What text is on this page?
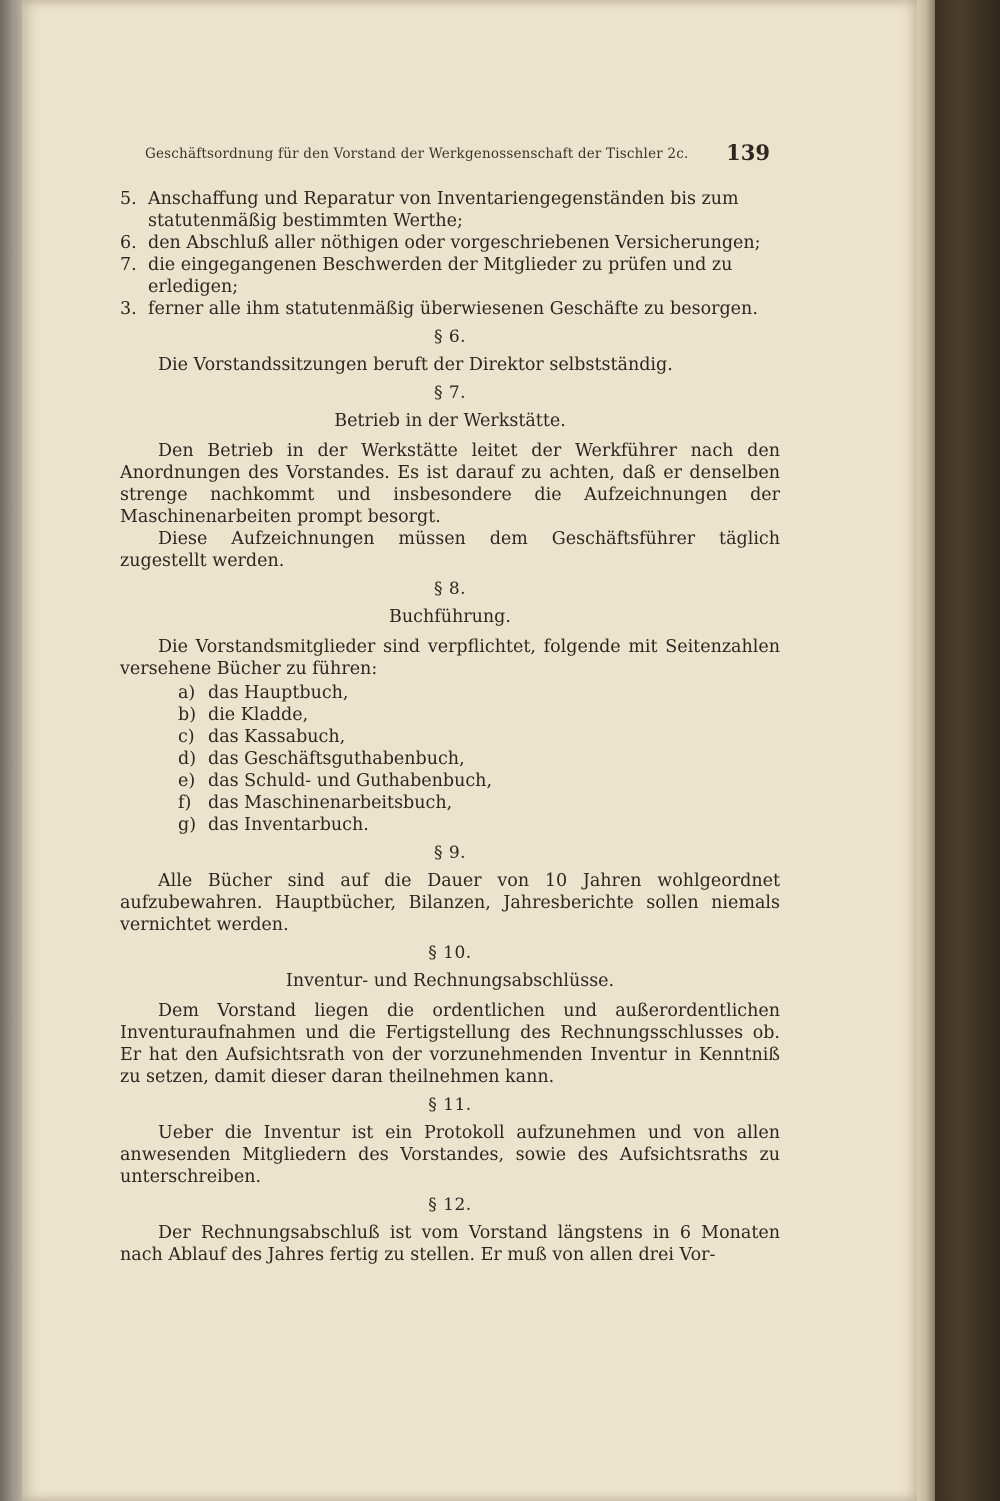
Geschäftsordnung für den Vorstand der Werkgenossenschaft der Tischler 2c. 139
5. Anschaffung und Reparatur von Inventariengegenständen bis zum
statutenmäßig bestimmten Werthe;
6. den Abschluß aller nöthigen oder vorgeschriebenen Versicherungen;
7. die eingegangenen Beschwerden der Mitglieder zu prüfen und zu
erledigen;
3. ferner alle ihm statutenmäßig überwiesenen Geschäfte zu besorgen.
§ 6.

Die Vorstandssitzungen beruft der Direktor selbstständig.

§ 7.
Betrieb in der Werkstätte.

Den Betrieb in der Werkstätte leitet der Werkführer nach den Anordnungen des Vorstandes. Es ist darauf zu achten, daß er denselben strenge nachkommt und insbesondere die Aufzeichnungen der Maschinenarbeiten prompt besorgt.

Diese Aufzeichnungen müssen dem Geschäftsführer täglich zugestellt werden.

§ 8.
Buchführung.

Die Vorstandsmitglieder sind verpflichtet, folgende mit Seitenzahlen versehene Bücher zu führen:

a) das Hauptbuch,
b) die Kladde,
c) das Kassabuch,
d) das Geschäftsguthabenbuch,
e) das Schuld- und Guthabenbuch,
f) das Maschinenarbeitsbuch,
g) das Inventarbuch.
§ 9.

Alle Bücher sind auf die Dauer von 10 Jahren wohlgeordnet aufzubewahren. Hauptbücher, Bilanzen, Jahresberichte sollen niemals vernichtet werden.

§ 10.
Inventur- und Rechnungsabschlüsse.

Dem Vorstand liegen die ordentlichen und außerordentlichen Inventuraufnahmen und die Fertigstellung des Rechnungsschlusses ob. Er hat den Aufsichtsrath von der vorzunehmenden Inventur in Kenntniß zu setzen, damit dieser daran theilnehmen kann.

§ 11.

Ueber die Inventur ist ein Protokoll aufzunehmen und von allen anwesenden Mitgliedern des Vorstandes, sowie des Aufsichtsraths zu unterschreiben.

§ 12.

Der Rechnungsabschluß ist vom Vorstand längstens in 6 Monaten nach Ablauf des Jahres fertig zu stellen. Er muß von allen drei Vor-
